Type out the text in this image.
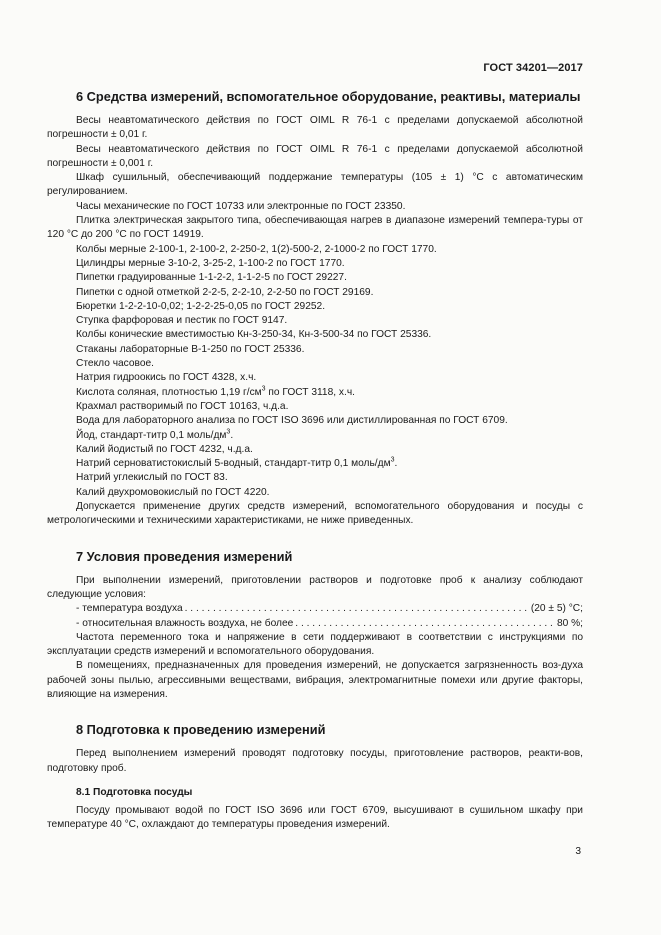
ГОСТ 34201—2017
6 Средства измерений, вспомогательное оборудование, реактивы, материалы

Весы неавтоматического действия по ГОСТ OIML R 76-1 с пределами допускаемой абсолютной погрешности ± 0,01 г.

Весы неавтоматического действия по ГОСТ OIML R 76-1 с пределами допускаемой абсолютной погрешности ± 0,001 г.

Шкаф сушильный, обеспечивающий поддержание температуры (105 ± 1) °С с автоматическим регулированием.

Часы механические по ГОСТ 10733 или электронные по ГОСТ 23350.

Плитка электрическая закрытого типа, обеспечивающая нагрев в диапазоне измерений темпера-туры от 120 °С до 200 °С по ГОСТ 14919.

Колбы мерные 2-100-1, 2-100-2, 2-250-2, 1(2)-500-2, 2-1000-2 по ГОСТ 1770.

Цилиндры мерные 3-10-2, 3-25-2, 1-100-2 по ГОСТ 1770.

Пипетки градуированные 1-1-2-2, 1-1-2-5 по ГОСТ 29227.

Пипетки с одной отметкой 2-2-5, 2-2-10, 2-2-50 по ГОСТ 29169.

Бюретки 1-2-2-10-0,02; 1-2-2-25-0,05 по ГОСТ 29252.

Ступка фарфоровая и пестик по ГОСТ 9147.

Колбы конические вместимостью Кн-3-250-34, Кн-3-500-34 по ГОСТ 25336.

Стаканы лабораторные В-1-250 по ГОСТ 25336.

Стекло часовое.

Натрия гидроокись по ГОСТ 4328, х.ч.

Кислота соляная, плотностью 1,19 $г/см^3$ по ГОСТ 3118, х.ч.

Крахмал растворимый по ГОСТ 10163, ч.д.а.

Вода для лабораторного анализа по ГОСТ ISO 3696 или дистиллированная по ГОСТ 6709.

Йод, стандарт-титр 0,1 моль/$дм^3$.

Калий йодистый по ГОСТ 4232, ч.д.а.

Натрий серноватистокислый 5-водный, стандарт-титр 0,1 моль/$дм^3$.

Натрий углекислый по ГОСТ 83.

Калий двухромовокислый по ГОСТ 4220.

Допускается применение других средств измерений, вспомогательного оборудования и посуды с метрологическими и техническими характеристиками, не ниже приведенных.

7 Условия проведения измерений

При выполнении измерений, приготовлении растворов и подготовке проб к анализу соблюдают следующие условия:

- температура воздуха . . .	(20 ± 5) °С;
- относительная влажность воздуха, не более . . .	80 %;

Частота переменного тока и напряжение в сети поддерживают в соответствии с инструкциями по эксплуатации средств измерений и вспомогательного оборудования.

В помещениях, предназначенных для проведения измерений, не допускается загрязненность воз-духа рабочей зоны пылью, агрессивными веществами, вибрация, электромагнитные помехи или другие факторы, влияющие на измерения.

8 Подготовка к проведению измерений

Перед выполнением измерений проводят подготовку посуды, приготовление растворов, реакти-вов, подготовку проб.

8.1 Подготовка посуды

Посуду промывают водой по ГОСТ ISO 3696 или ГОСТ 6709, высушивают в сушильном шкафу при температуре 40 °С, охлаждают до температуры проведения измерений.

3
